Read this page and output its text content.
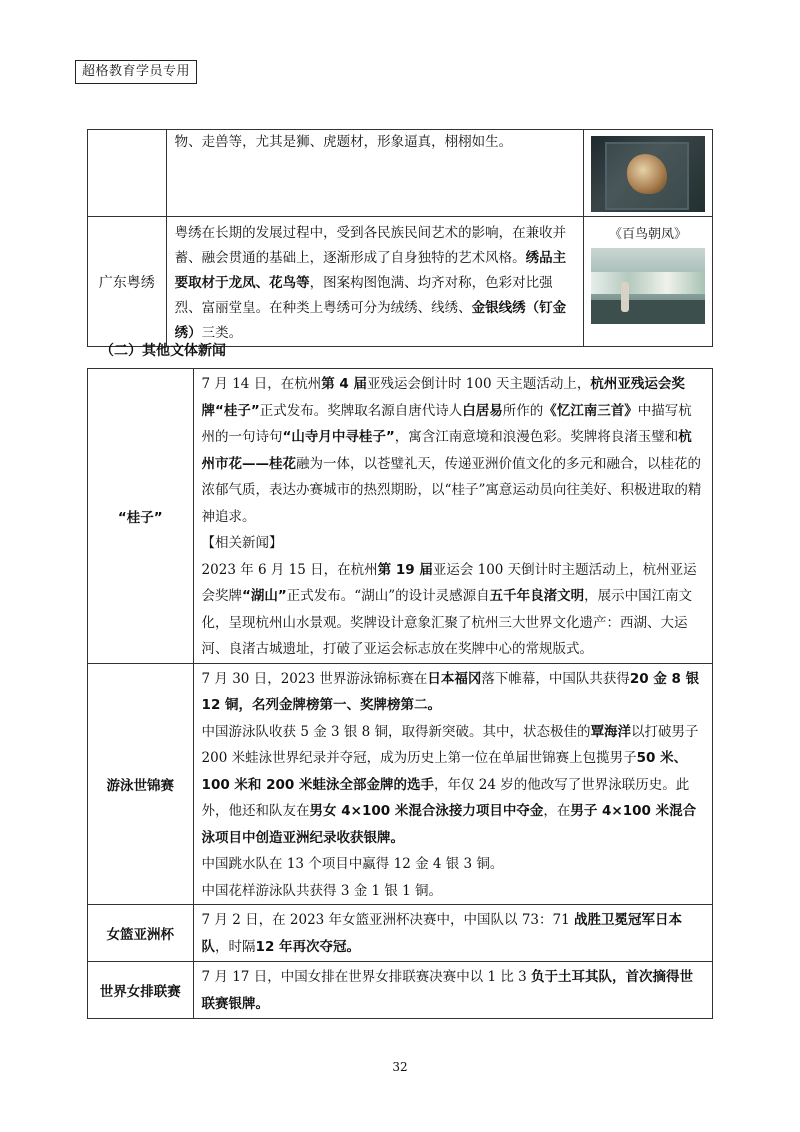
超格教育学员专用
	物、走兽等，尤其是狮、虎题材，形象逼真，栩栩如生。	

广东粤绣	粤绣在长期的发展过程中，受到各民族民间艺术的影响，在兼收并蓄、融会贯通的基础上，逐渐形成了自身独特的艺术风格。绣品主要取材于龙凤、花鸟等，图案构图饱满、均齐对称，色彩对比强烈、富丽堂皇。在种类上粤绣可分为绒绣、线绣、金银线绣（钉金绣）三类。	《百鸟朝凤》
（二）其他文体新闻
“桂子”	7 月 14 日，在杭州第 4 届亚残运会倒计时 100 天主题活动上，杭州亚残运会奖牌“桂子”正式发布。奖牌取名源自唐代诗人白居易所作的《忆江南三首》中描写杭州的一句诗句“山寺月中寻桂子”，寓含江南意境和浪漫色彩。奖牌将良渚玉璧和杭州市花——桂花融为一体，以苍璧礼天，传递亚洲价值文化的多元和融合，以桂花的浓郁气质，表达办赛城市的热烈期盼，以“桂子”寓意运动员向往美好、积极进取的精神追求。

【相关新闻】

2023 年 6 月 15 日，在杭州第 19 届亚运会 100 天倒计时主题活动上，杭州亚运会奖牌“湖山”正式发布。“湖山”的设计灵感源自五千年良渚文明，展示中国江南文化，呈现杭州山水景观。奖牌设计意象汇聚了杭州三大世界文化遗产：西湖、大运河、良渚古城遗址，打破了亚运会标志放在奖牌中心的常规版式。

游泳世锦赛	7 月 30 日，2023 世界游泳锦标赛在日本福冈落下帷幕，中国队共获得20 金 8 银 12 铜，名列金牌榜第一、奖牌榜第二。

中国游泳队收获 5 金 3 银 8 铜，取得新突破。其中，状态极佳的覃海洋以打破男子 200 米蛙泳世界纪录并夺冠，成为历史上第一位在单届世锦赛上包揽男子50 米、100 米和 200 米蛙泳全部金牌的选手，年仅 24 岁的他改写了世界泳联历史。此外，他还和队友在男女 4×100 米混合泳接力项目中夺金，在男子 4×100 米混合泳项目中创造亚洲纪录收获银牌。

中国跳水队在 13 个项目中赢得 12 金 4 银 3 铜。

中国花样游泳队共获得 3 金 1 银 1 铜。

女篮亚洲杯	7 月 2 日，在 2023 年女篮亚洲杯决赛中，中国队以 73：71 战胜卫冕冠军日本队，时隔12 年再次夺冠。
世界女排联赛	7 月 17 日，中国女排在世界女排联赛决赛中以 1 比 3 负于土耳其队，首次摘得世联赛银牌。
32
